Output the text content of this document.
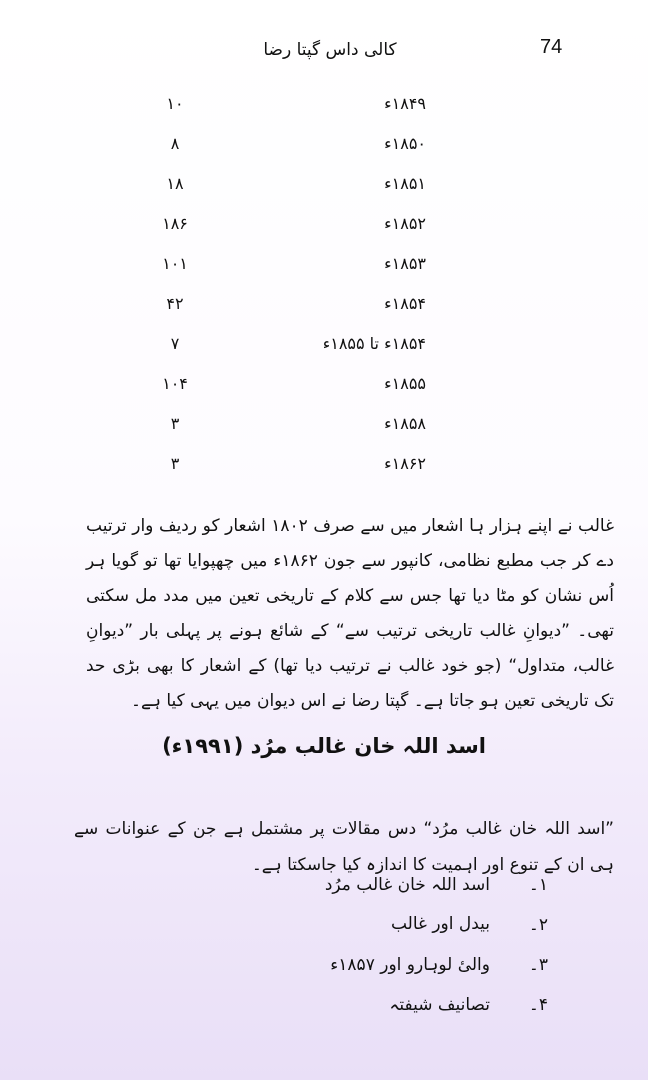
74
کالی داس گپتا رضا
۱۸۴۹ء
۱۰
۱۸۵۰ء
۸
۱۸۵۱ء
۱۸
۱۸۵۲ء
۱۸۶
۱۸۵۳ء
۱۰۱
۱۸۵۴ء
۴۲
۱۸۵۴ء تا ۱۸۵۵ء
۷
۱۸۵۵ء
۱۰۴
۱۸۵۸ء
۳
۱۸۶۲ء
۳

غالب نے اپنے ہزار ہا اشعار میں سے صرف ۱۸۰۲ اشعار کو ردیف وار ترتیب دے کر جب مطبع نظامی، کانپور سے جون ۱۸۶۲ء میں چھپوایا تھا تو گویا ہر اُس نشان کو مٹا دیا تھا جس سے کلام کے تاریخی تعین میں مدد مل سکتی تھی۔ ”دیوانِ غالب تاریخی ترتیب سے“ کے شائع ہونے پر پہلی بار ”دیوانِ غالب، متداول“ (جو خود غالب نے ترتیب دیا تھا) کے اشعار کا بھی بڑی حد تک تاریخی تعین ہو جاتا ہے۔ گپتا رضا نے اس دیوان میں یہی کیا ہے۔

اسد اللہ خان غالب مرُد (۱۹۹۱ء)

”اسد اللہ خان غالب مرُد“ دس مقالات پر مشتمل ہے جن کے عنوانات سے ہی ان کے تنوع اور اہمیت کا اندازہ کیا جاسکتا ہے۔

۱۔
اسد اللہ خان غالب مرُد
۲۔
بیدل اور غالب
۳۔
والیٔ لوہارو اور ۱۸۵۷ء
۴۔
تصانیف شیفتہ
